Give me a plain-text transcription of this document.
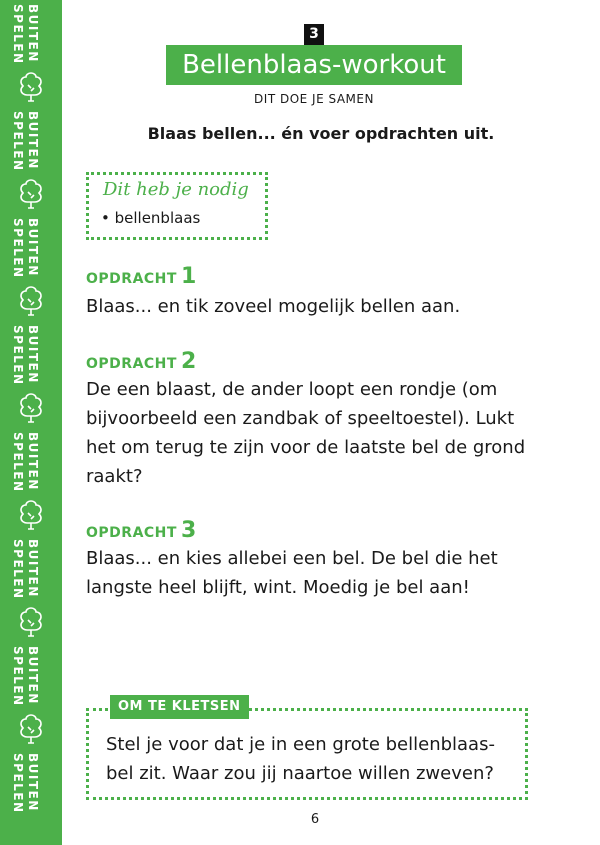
BUITEN
SPELEN
BUITEN
SPELEN
BUITEN
SPELEN
BUITEN
SPELEN
BUITEN
SPELEN
BUITEN
SPELEN
BUITEN
SPELEN
BUITEN
SPELEN
3
Bellenblaas-workout
DIT DOE JE SAMEN
Blaas bellen... én voer opdrachten uit.
Dit heb je nodig
• bellenblaas
OPDRACHT 1
Blaas... en tik zoveel mogelijk bellen aan.
OPDRACHT 2
De een blaast, de ander loopt een rondje (om bijvoorbeeld een zandbak of speeltoestel). Lukt het om terug te zijn voor de laatste bel de grond raakt?
OPDRACHT 3
Blaas... en kies allebei een bel. De bel die het langste heel blijft, wint. Moedig je bel aan!
OM TE KLETSEN
Stel je voor dat je in een grote bellenblaas-bel zit. Waar zou jij naartoe willen zweven?
6
